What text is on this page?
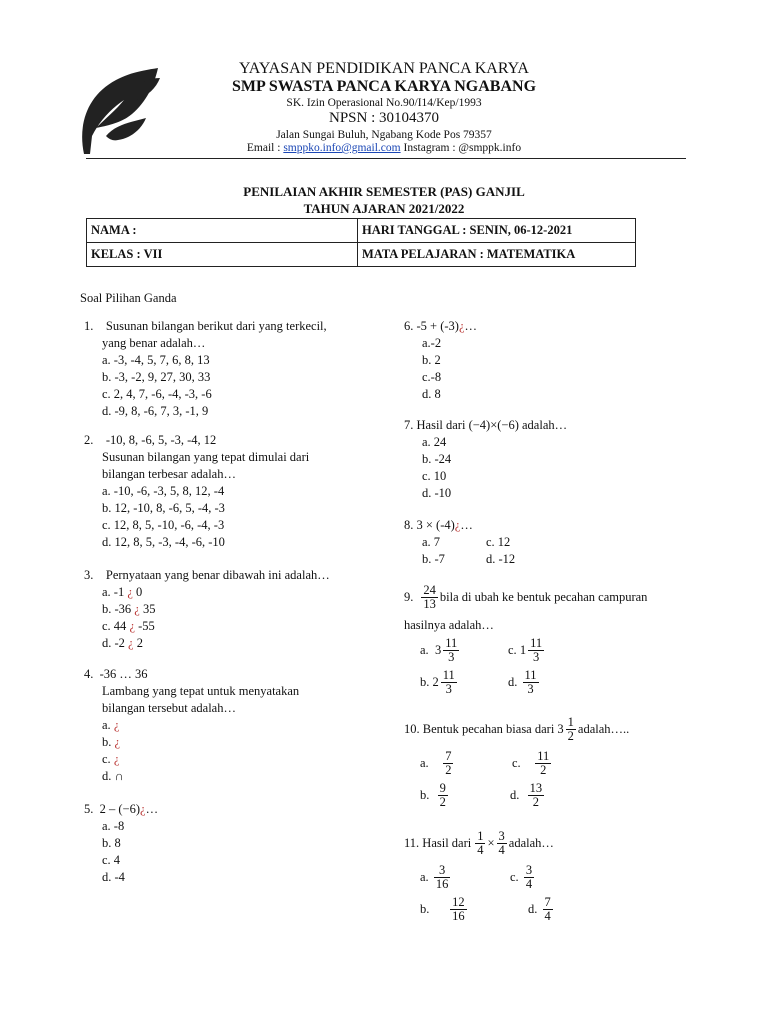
YAYASAN PENDIDIKAN PANCA KARYA
SMP SWASTA PANCA KARYA NGABANG
SK. Izin Operasional No.90/I14/Kep/1993
NPSN : 30104370
Jalan Sungai Buluh, Ngabang Kode Pos 79357
Email : smppko.info@gmail.com Instagram : @smppk.info
PENILAIAN AKHIR SEMESTER (PAS) GANJIL
TAHUN AJARAN 2021/2022
NAMA :	HARI TANGGAL : SENIN, 06-12-2021
KELAS : VII	MATA PELAJARAN : MATEMATIKA
Soal Pilihan Ganda
1. Susunan bilangan berikut dari yang terkecil,
yang benar adalah…
a. -3, -4, 5, 7, 6, 8, 13
b. -3, -2, 9, 27, 30, 33
c. 2, 4, 7, -6, -4, -3, -6
d. -9, 8, -6, 7, 3, -1, 9
2. -10, 8, -6, 5, -3, -4, 12
Susunan bilangan yang tepat dimulai dari
bilangan terbesar adalah…
a. -10, -6, -3, 5, 8, 12, -4
b. 12, -10, 8, -6, 5, -4, -3
c. 12, 8, 5, -10, -6, -4, -3
d. 12, 8, 5, -3, -4, -6, -10
3. Pernyataan yang benar dibawah ini adalah…
a. -1 ¿ 0
b. -36 ¿ 35
c. 44 ¿ -55
d. -2 ¿ 2
4. -36 … 36
Lambang yang tepat untuk menyatakan
bilangan tersebut adalah…
a. ¿
b. ¿
c. ¿
d. ∩
5. 2 – (−6)¿…
a. -8
b. 8
c. 4
d. -4
6. -5 + (-3)¿…
a.-2
b. 2
c.-8
d. 8
7. Hasil dari (−4)×(−6) adalah…
a. 24
b. -24
c. 10
d. -10
8. 3 × (-4)¿…
a. 7	c. 12
b. -7	d. -12
9. $\frac{24}{13}$ bila di ubah ke bentuk pecahan campuran
hasilnya adalah…
a.
$3 \frac{11}{3}$	c.
$1 \frac{11}{3}$
b.
$2 \frac{11}{3}$	d.
$\frac{11}{3}$
10. Bentuk pecahan biasa dari
$3 \frac{1}{2}$ adalah…..
a.
$\frac{7}{2}$	c.
$\frac{11}{2}$
b.
$\frac{9}{2}$	d.
$\frac{13}{2}$
11. Hasil dari $\frac{1}{4} \times \frac{3}{4}$ adalah…
a.
$\frac{3}{16}$	c.
$\frac{3}{4}$
b.
$\frac{12}{16}$	d.
$\frac{7}{4}$
